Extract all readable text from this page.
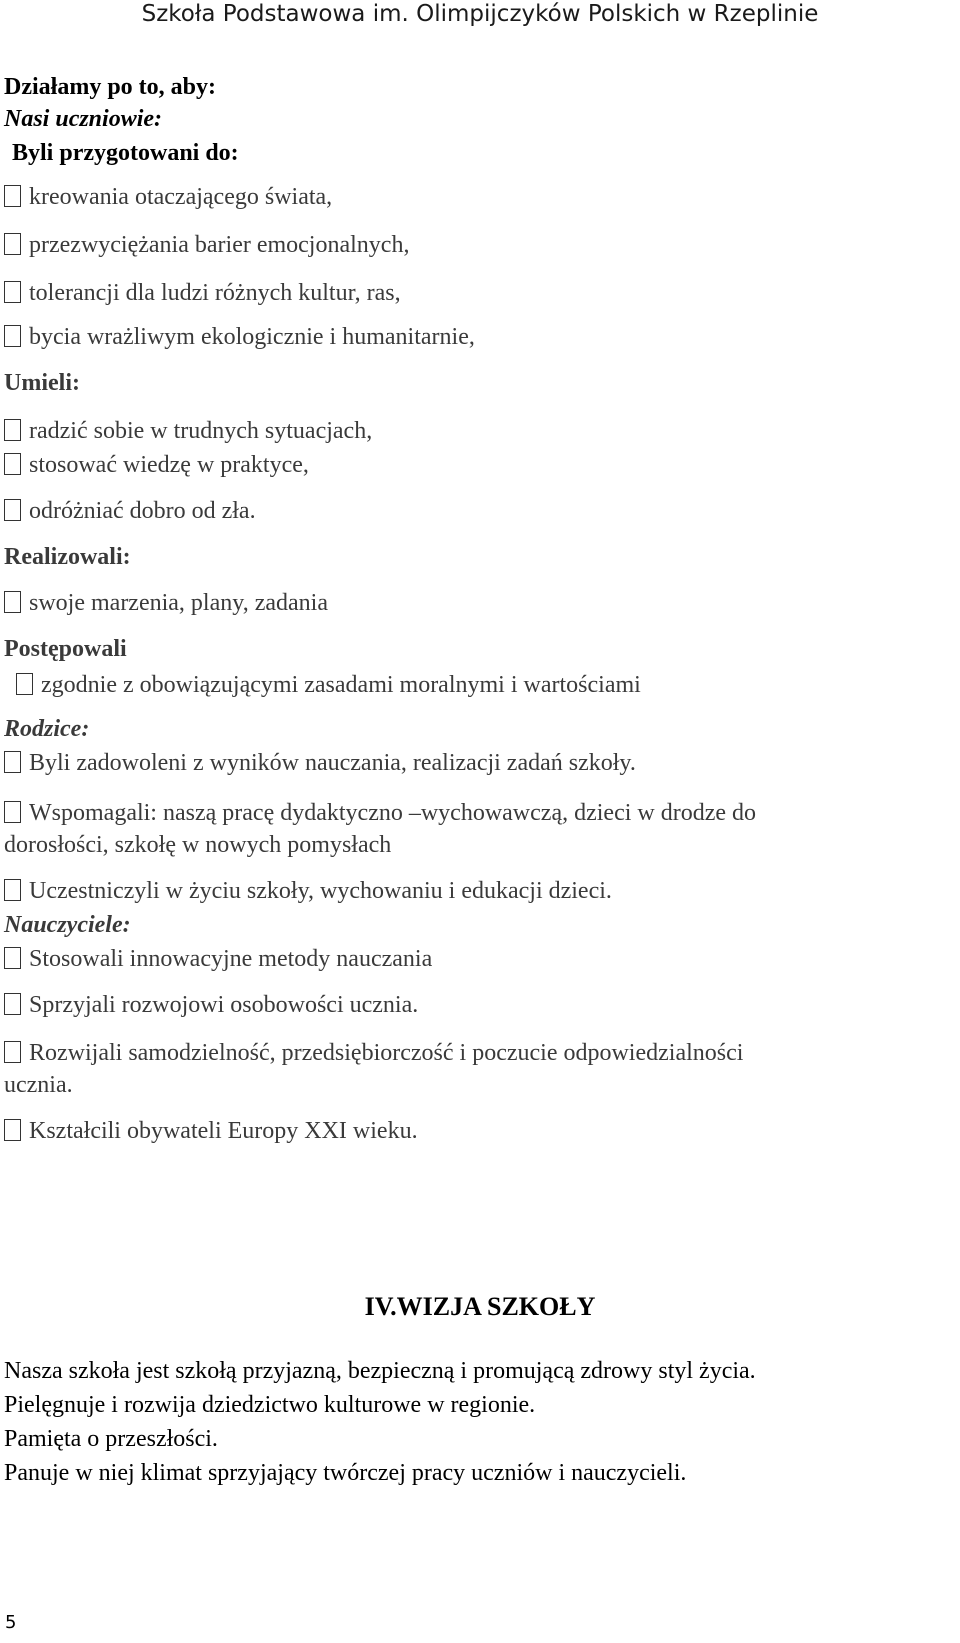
Szkoła Podstawowa im. Olimpijczyków Polskich w Rzeplinie
Działamy po to, aby:
Nasi uczniowie:
Byli przygotowani do:
kreowania otaczającego świata,
przezwyciężania barier emocjonalnych,
tolerancji dla ludzi różnych kultur, ras,
bycia wrażliwym ekologicznie i humanitarnie,
Umieli:
radzić sobie w trudnych sytuacjach,
stosować wiedzę w praktyce,
odróżniać dobro od zła.
Realizowali:
swoje marzenia, plany, zadania
Postępowali
zgodnie z obowiązującymi zasadami moralnymi i wartościami
Rodzice:
Byli zadowoleni z wyników nauczania, realizacji zadań szkoły.
Wspomagali: naszą pracę dydaktyczno –wychowawczą, dzieci w drodze do
dorosłości, szkołę w nowych pomysłach
Uczestniczyli w życiu szkoły, wychowaniu i edukacji dzieci.
Nauczyciele:
Stosowali innowacyjne metody nauczania
Sprzyjali rozwojowi osobowości ucznia.
Rozwijali samodzielność, przedsiębiorczość i poczucie odpowiedzialności
ucznia.
Kształcili obywateli Europy XXI wieku.
IV.WIZJA SZKOŁY
Nasza szkoła jest szkołą przyjazną, bezpieczną i promującą zdrowy styl życia.
Pielęgnuje i rozwija dziedzictwo kulturowe w regionie.
Pamięta o przeszłości.
Panuje w niej klimat sprzyjający twórczej pracy uczniów i nauczycieli.
5
